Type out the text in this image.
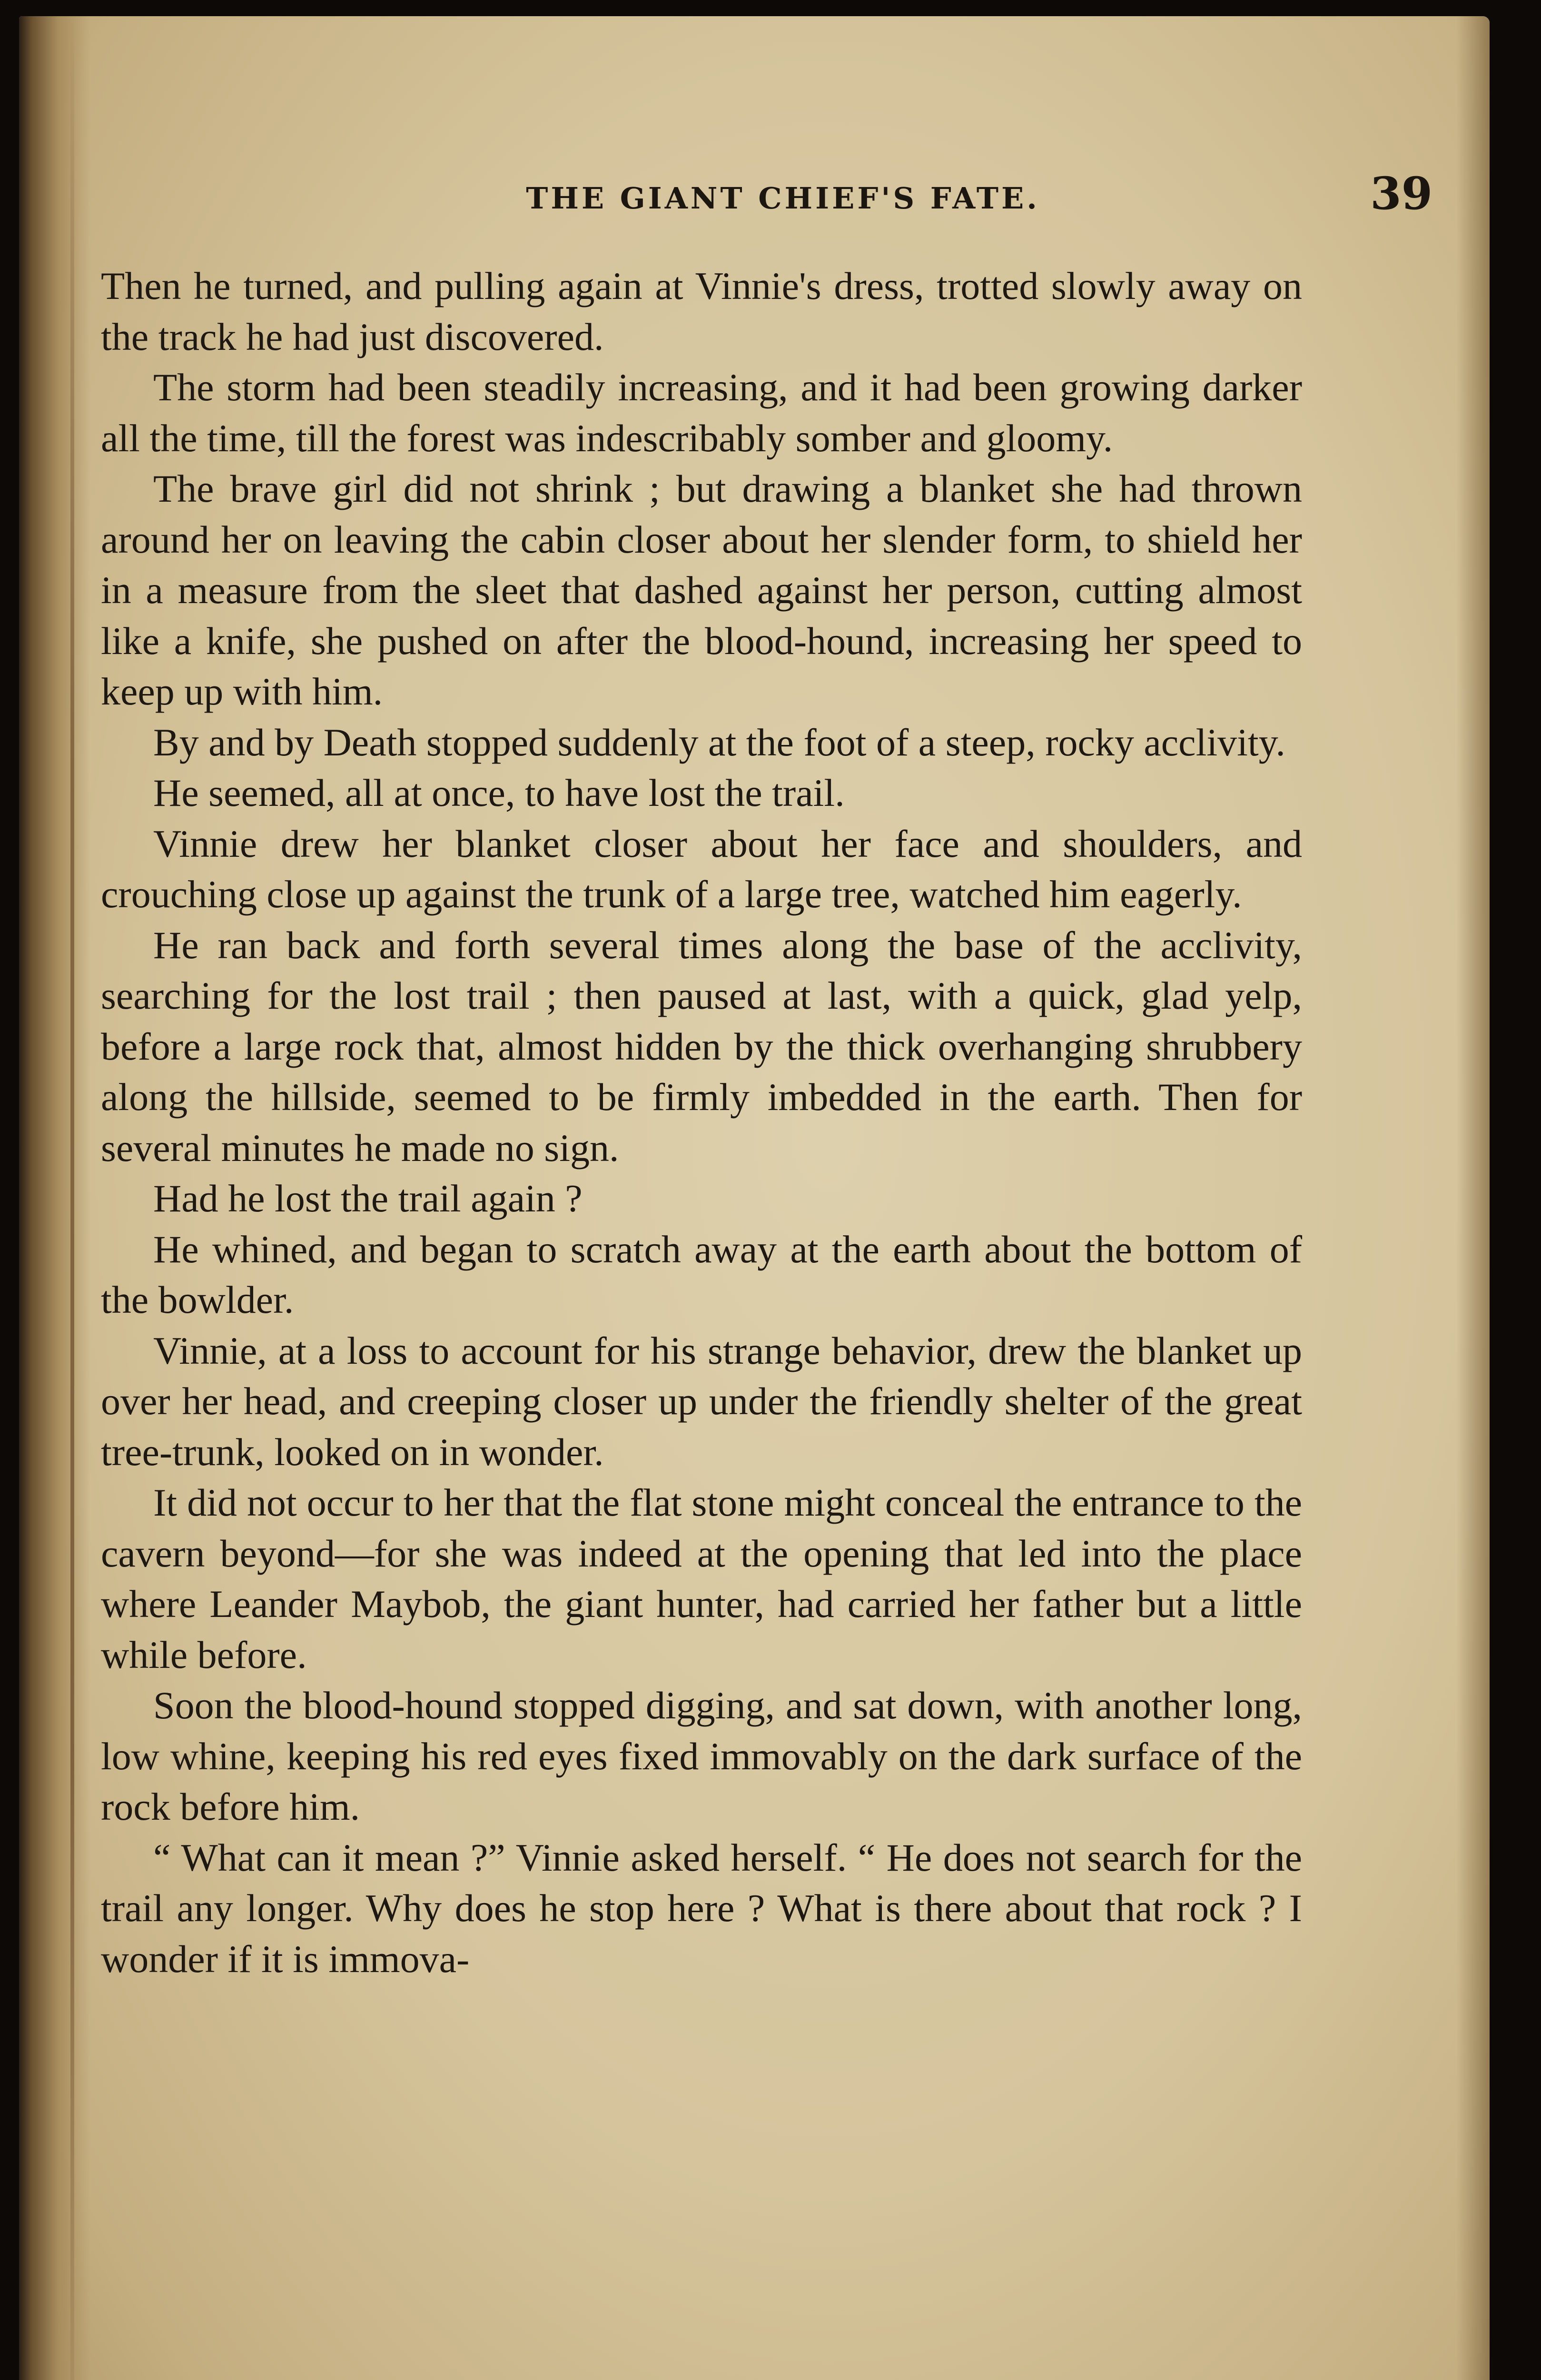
THE GIANT CHIEF'S FATE.	39

Then he turned, and pulling again at Vinnie's dress, trotted slowly away on the track he had just discovered.

The storm had been steadily increasing, and it had been growing darker all the time, till the forest was indescribably somber and gloomy.

The brave girl did not shrink ; but drawing a blanket she had thrown around her on leaving the cabin closer about her slender form, to shield her in a measure from the sleet that dashed against her person, cutting almost like a knife, she pushed on after the blood-hound, increasing her speed to keep up with him.

By and by Death stopped suddenly at the foot of a steep, rocky acclivity.

He seemed, all at once, to have lost the trail.

Vinnie drew her blanket closer about her face and shoulders, and crouching close up against the trunk of a large tree, watched him eagerly.

He ran back and forth several times along the base of the acclivity, searching for the lost trail ; then paused at last, with a quick, glad yelp, before a large rock that, almost hidden by the thick overhanging shrubbery along the hillside, seemed to be firmly imbedded in the earth. Then for several minutes he made no sign.

Had he lost the trail again ?

He whined, and began to scratch away at the earth about the bottom of the bowlder.

Vinnie, at a loss to account for his strange behavior, drew the blanket up over her head, and creeping closer up under the friendly shelter of the great tree-trunk, looked on in wonder.

It did not occur to her that the flat stone might conceal the entrance to the cavern beyond—for she was indeed at the opening that led into the place where Leander Maybob, the giant hunter, had carried her father but a little while before.

Soon the blood-hound stopped digging, and sat down, with another long, low whine, keeping his red eyes fixed immovably on the dark surface of the rock before him.

“ What can it mean ?” Vinnie asked herself. “ He does not search for the trail any longer. Why does he stop here ? What is there about that rock ? I wonder if it is immova-
